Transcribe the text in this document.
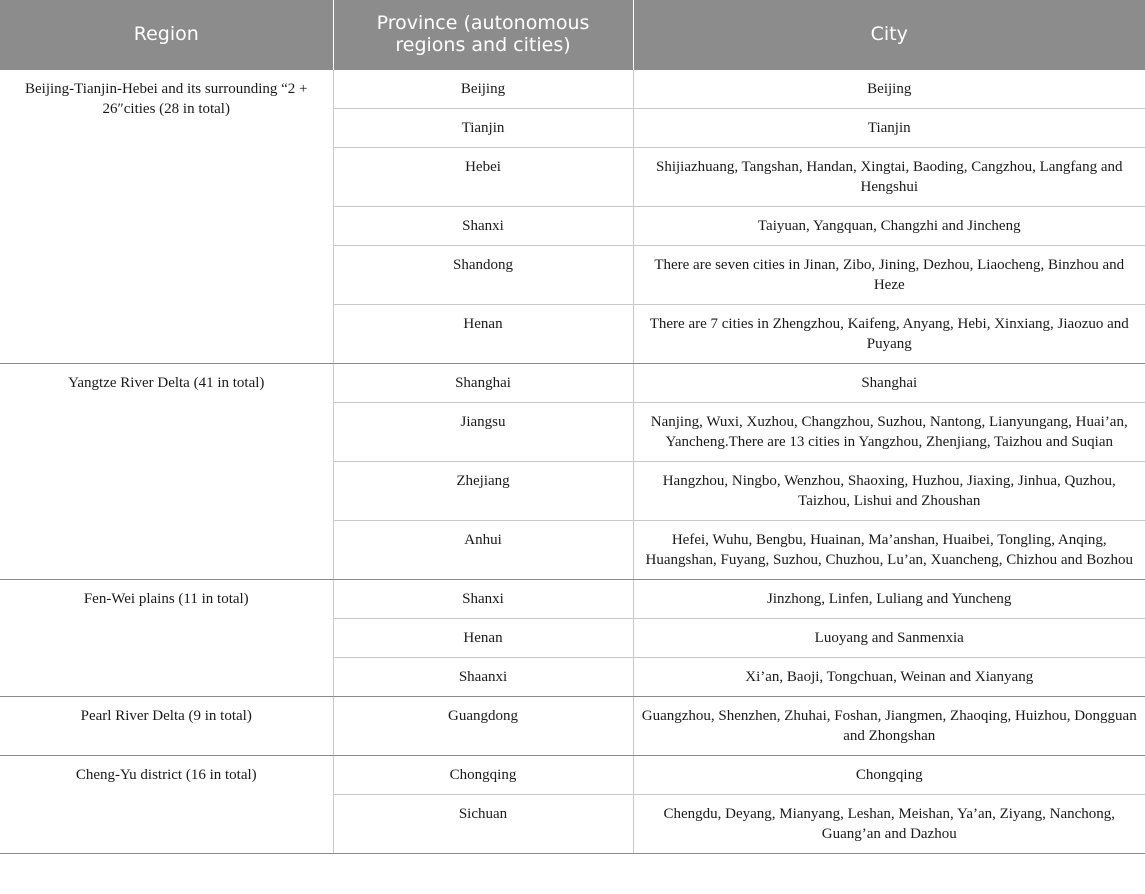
Region	Province (autonomous regions and cities)	City
Beijing-Tianjin-Hebei and its surrounding “2 + 26″cities (28 in total)	Beijing	Beijing
	Tianjin	Tianjin
	Hebei	Shijiazhuang, Tangshan, Handan, Xingtai, Baoding, Cangzhou, Langfang and Hengshui
	Shanxi	Taiyuan, Yangquan, Changzhi and Jincheng
	Shandong	There are seven cities in Jinan, Zibo, Jining, Dezhou, Liaocheng, Binzhou and Heze
	Henan	There are 7 cities in Zhengzhou, Kaifeng, Anyang, Hebi, Xinxiang, Jiaozuo and Puyang
Yangtze River Delta (41 in total)	Shanghai	Shanghai
	Jiangsu	Nanjing, Wuxi, Xuzhou, Changzhou, Suzhou, Nantong, Lianyungang, Huai’an, Yancheng.There are 13 cities in Yangzhou, Zhenjiang, Taizhou and Suqian
	Zhejiang	Hangzhou, Ningbo, Wenzhou, Shaoxing, Huzhou, Jiaxing, Jinhua, Quzhou, Taizhou, Lishui and Zhoushan
	Anhui	Hefei, Wuhu, Bengbu, Huainan, Ma’anshan, Huaibei, Tongling, Anqing, Huangshan, Fuyang, Suzhou, Chuzhou, Lu’an, Xuancheng, Chizhou and Bozhou
Fen-Wei plains (11 in total)	Shanxi	Jinzhong, Linfen, Luliang and Yuncheng
	Henan	Luoyang and Sanmenxia
	Shaanxi	Xi’an, Baoji, Tongchuan, Weinan and Xianyang
Pearl River Delta (9 in total)	Guangdong	Guangzhou, Shenzhen, Zhuhai, Foshan, Jiangmen, Zhaoqing, Huizhou, Dongguan and Zhongshan
Cheng-Yu district (16 in total)	Chongqing	Chongqing
	Sichuan	Chengdu, Deyang, Mianyang, Leshan, Meishan, Ya’an, Ziyang, Nanchong, Guang’an and Dazhou
